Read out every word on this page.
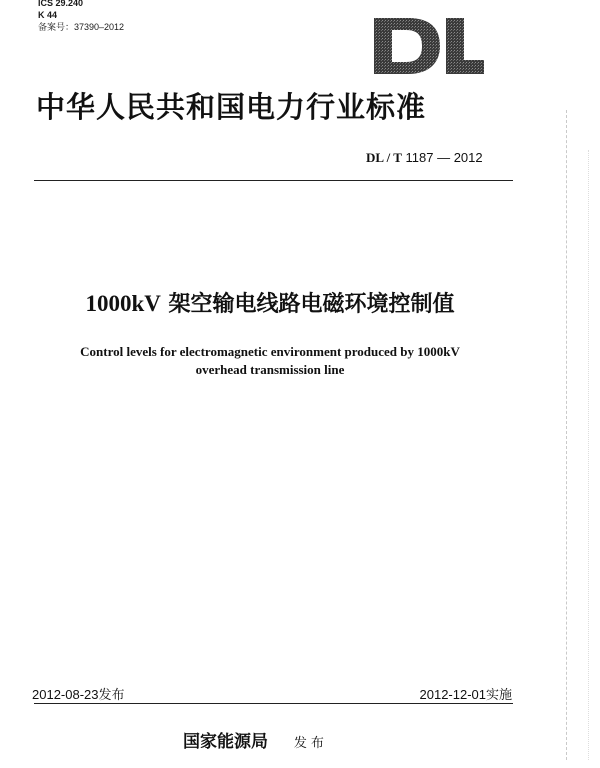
ICS 29.240
K 44
备案号：37390–2012
中华人民共和国电力行业标准
DL / T 1187 — 2012
1000kV 架空输电线路电磁环境控制值
Control levels for electromagnetic environment produced by 1000kV
overhead transmission line
2012-08-23发布	2012-12-01实施
国家能源局 发布
